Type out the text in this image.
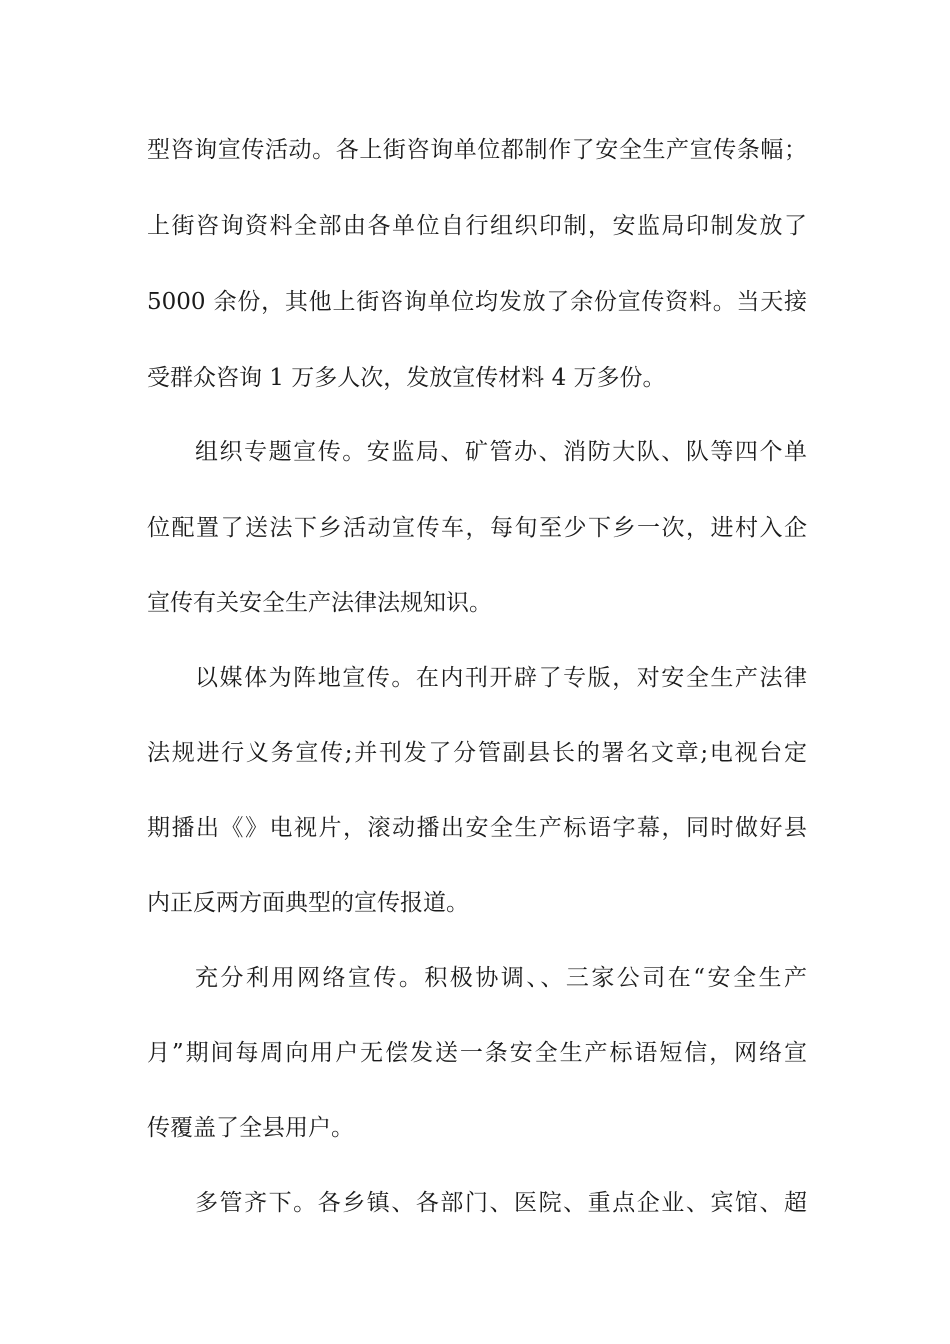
型咨询宣传活动。各上街咨询单位都制作了安全生产宣传条幅；
上街咨询资料全部由各单位自行组织印制，安监局印制发放了
5000 余份，其他上街咨询单位均发放了余份宣传资料。当天接
受群众咨询 1 万多人次，发放宣传材料 4 万多份。
组织专题宣传。安监局、矿管办、消防大队、队等四个单
位配置了送法下乡活动宣传车，每旬至少下乡一次，进村入企
宣传有关安全生产法律法规知识。
以媒体为阵地宣传。在内刊开辟了专版，对安全生产法律
法规进行义务宣传;并刊发了分管副县长的署名文章;电视台定
期播出《》电视片，滚动播出安全生产标语字幕，同时做好县
内正反两方面典型的宣传报道。
充分利用网络宣传。积极协调、、三家公司在“安全生产
月”期间每周向用户无偿发送一条安全生产标语短信，网络宣
传覆盖了全县用户。
多管齐下。各乡镇、各部门、医院、重点企业、宾馆、超
